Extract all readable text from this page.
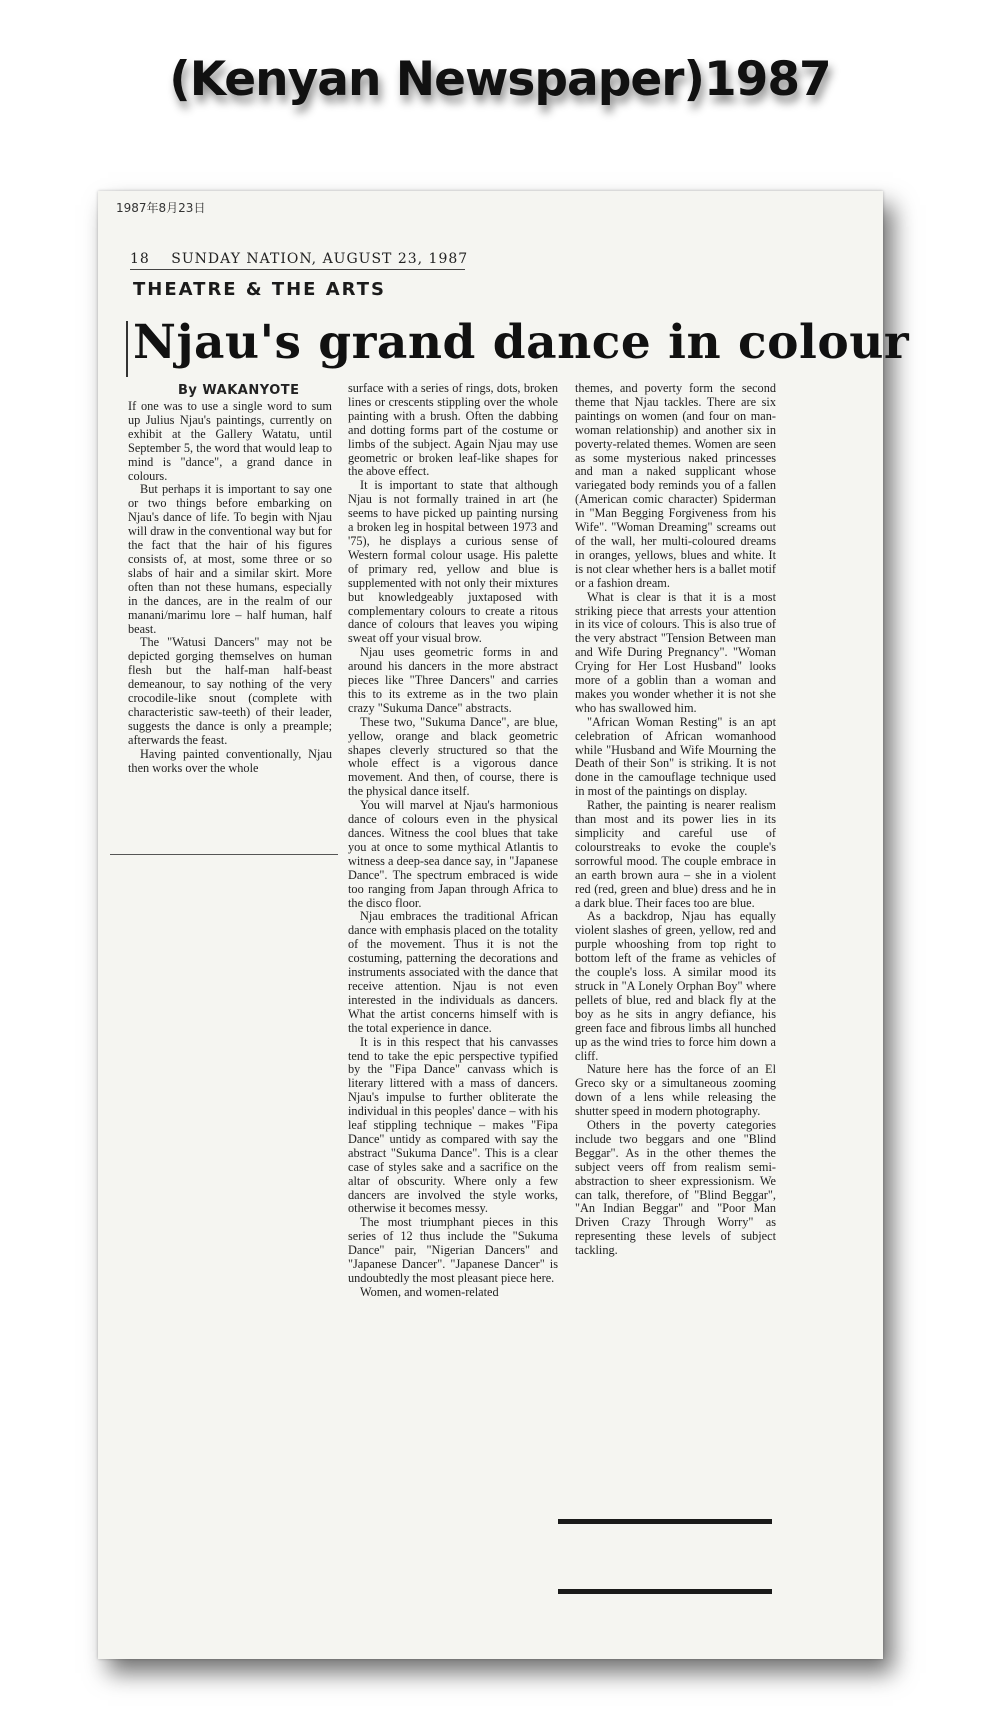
(Kenyan Newspaper)1987
1987年8月23日
18 SUNDAY NATION, AUGUST 23, 1987
THEATRE & THE ARTS
Njau's grand dance in colour
By WAKANYOTE

If one was to use a single word to sum up Julius Njau's paintings, currently on exhibit at the Gallery Watatu, until September 5, the word that would leap to mind is "dance", a grand dance in colours.

But perhaps it is important to say one or two things before embarking on Njau's dance of life. To begin with Njau will draw in the conventional way but for the fact that the hair of his figures consists of, at most, some three or so slabs of hair and a similar skirt. More often than not these humans, especially in the dances, are in the realm of our manani/marimu lore – half human, half beast.

The "Watusi Dancers" may not be depicted gorging themselves on human flesh but the half-man half-beast demeanour, to say nothing of the very crocodile-like snout (complete with characteristic saw-teeth) of their leader, suggests the dance is only a preample; afterwards the feast.

Having painted conventionally, Njau then works over the whole

surface with a series of rings, dots, broken lines or crescents stippling over the whole painting with a brush. Often the dabbing and dotting forms part of the costume or limbs of the subject. Again Njau may use geometric or broken leaf-like shapes for the above effect.

It is important to state that although Njau is not formally trained in art (he seems to have picked up painting nursing a broken leg in hospital between 1973 and '75), he displays a curious sense of Western formal colour usage. His palette of primary red, yellow and blue is supplemented with not only their mixtures but knowledgeably juxtaposed with complementary colours to create a ritous dance of colours that leaves you wiping sweat off your visual brow.

Njau uses geometric forms in and around his dancers in the more abstract pieces like "Three Dancers" and carries this to its extreme as in the two plain crazy "Sukuma Dance" abstracts.

These two, "Sukuma Dance", are blue, yellow, orange and black geometric shapes cleverly structured so that the whole effect is a vigorous dance movement. And then, of course, there is the physical dance itself.

You will marvel at Njau's harmonious dance of colours even in the physical dances. Witness the cool blues that take you at once to some mythical Atlantis to witness a deep-sea dance say, in "Japanese Dance". The spectrum embraced is wide too ranging from Japan through Africa to the disco floor.

Njau embraces the traditional African dance with emphasis placed on the totality of the movement. Thus it is not the costuming, patterning the decorations and instruments associated with the dance that receive attention. Njau is not even interested in the individuals as dancers. What the artist concerns himself with is the total experience in dance.

It is in this respect that his canvasses tend to take the epic perspective typified by the "Fipa Dance" canvass which is literary littered with a mass of dancers. Njau's impulse to further obliterate the individual in this peoples' dance – with his leaf stippling technique – makes "Fipa Dance" untidy as compared with say the abstract "Sukuma Dance". This is a clear case of styles sake and a sacrifice on the altar of obscurity. Where only a few dancers are involved the style works, otherwise it becomes messy.

The most triumphant pieces in this series of 12 thus include the "Sukuma Dance" pair, "Nigerian Dancers" and "Japanese Dancer". "Japanese Dancer" is undoubtedly the most pleasant piece here.

Women, and women-related

themes, and poverty form the second theme that Njau tackles. There are six paintings on women (and four on man-woman relationship) and another six in poverty-related themes. Women are seen as some mysterious naked princesses and man a naked supplicant whose variegated body reminds you of a fallen (American comic character) Spiderman in "Man Begging Forgiveness from his Wife". "Woman Dreaming" screams out of the wall, her multi-coloured dreams in oranges, yellows, blues and white. It is not clear whether hers is a ballet motif or a fashion dream.

What is clear is that it is a most striking piece that arrests your attention in its vice of colours. This is also true of the very abstract "Tension Between man and Wife During Pregnancy". "Woman Crying for Her Lost Husband" looks more of a goblin than a woman and makes you wonder whether it is not she who has swallowed him.

"African Woman Resting" is an apt celebration of African womanhood while "Husband and Wife Mourning the Death of their Son" is striking. It is not done in the camouflage technique used in most of the paintings on display.

Rather, the painting is nearer realism than most and its power lies in its simplicity and careful use of colourstreaks to evoke the couple's sorrowful mood. The couple embrace in an earth brown aura – she in a violent red (red, green and blue) dress and he in a dark blue. Their faces too are blue.

As a backdrop, Njau has equally violent slashes of green, yellow, red and purple whooshing from top right to bottom left of the frame as vehicles of the couple's loss. A similar mood its struck in "A Lonely Orphan Boy" where pellets of blue, red and black fly at the boy as he sits in angry defiance, his green face and fibrous limbs all hunched up as the wind tries to force him down a cliff.

Nature here has the force of an El Greco sky or a simultaneous zooming down of a lens while releasing the shutter speed in modern photography.

Others in the poverty categories include two beggars and one "Blind Beggar". As in the other themes the subject veers off from realism semi-abstraction to sheer expressionism. We can talk, therefore, of "Blind Beggar", "An Indian Beggar" and "Poor Man Driven Crazy Through Worry" as representing these levels of subject tackling.
